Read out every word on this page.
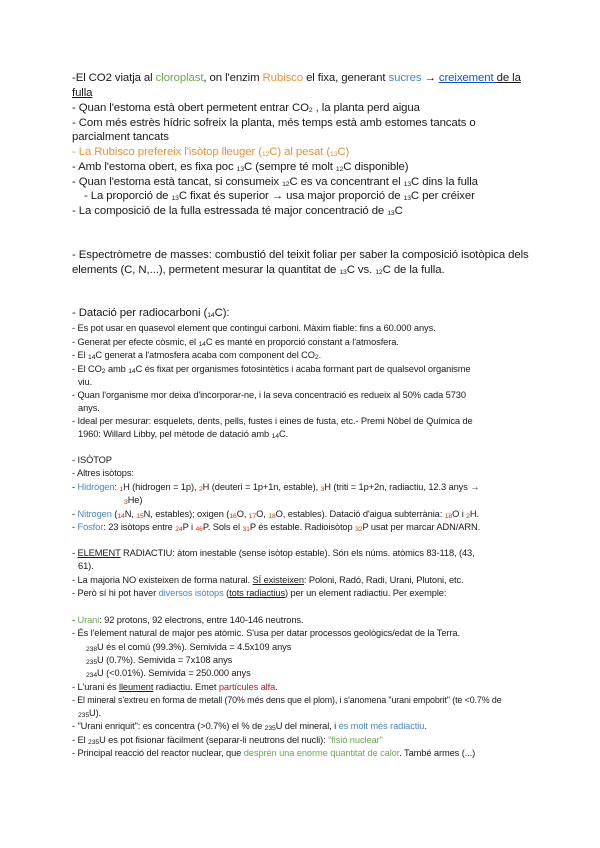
-El CO2 viatja al cloroplast, on l'enzim Rubisco el fixa, generant sucres → creixement de la
fulla
- Quan l'estoma està obert permetent entrar CO2 , la planta perd aigua
- Com més estrès hídric sofreix la planta, més temps està amb estomes tancats o
parcialment tancats
- La Rubisco prefereix l'isòtop lleuger (12C) al pesat (13C)
- Amb l'estoma obert, es fixa poc 13C (sempre té molt 12C disponible)
- Quan l'estoma està tancat, si consumeix 12C es va concentrant el 13C dins la fulla
- La proporció de 13C fixat és superior → usa major proporció de 13C per créixer
- La composició de la fulla estressada té major concentració de 13C
- Espectròmetre de masses: combustió del teixit foliar per saber la composició isotòpica dels
elements (C, N,...), permetent mesurar la quantitat de 13C vs. 12C de la fulla.
- Datació per radiocarboni (14C):
- Es pot usar en quasevol element que contingui carboni. Màxim fiable: fins a 60.000 anys.
- Generat per efecte còsmic, el 14C es manté en proporció constant a l'atmosfera.
- El 14C generat a l'atmosfera acaba com component del CO2.
- El CO2 amb 14C és fixat per organismes fotosintètics i acaba formant part de qualsevol organisme
viu.
- Quan l'organisme mor deixa d'incorporar-ne, i la seva concentració es redueix al 50% cada 5730
anys.
- Ideal per mesurar: esquelets, dents, pells, fustes i eines de fusta, etc.- Premi Nòbel de Química de
1960: Willard Libby, pel mètode de datació amb 14C.
- ISÒTOP
- Altres isòtops:
- Hidrogen: 1H (hidrogen = 1p), 2H (deuteri = 1p+1n, estable), 3H (triti = 1p+2n, radiactiu, 12.3 anys →
3He)
- Nitrogen (14N, 15N, estables); oxigen (16O, 17O, 18O, estables). Datació d'aigua subterrània: 18O i 2H.
- Fosfor: 23 isòtops entre 24P i 46P. Sols el 31P és estable. Radioisòtop 32P usat per marcar ADN/ARN.
- ELEMENT RADIACTIU: àtom inestable (sense isòtop estable). Són els núms. atòmics 83-118, (43,
61).
- La majoria NO existeixen de forma natural. SÍ existeixen: Poloni, Radó, Radi, Urani, Plutoni, etc.
- Però sí hi pot haver diversos isòtops (tots radiactius) per un element radiactiu. Per exemple:
- Urani: 92 protons, 92 electrons, entre 140-146 neutrons.
- És l'element natural de major pes atòmic. S'usa per datar processos geològics/edat de la Terra.
238U és el comú (99.3%). Semivida = 4.5x109 anys
235U (0.7%). Semivida = 7x108 anys
234U (<0.01%). Semivida = 250.000 anys
- L'urani és lleument radiactiu. Emet partícules alfa.
- El mineral s'extreu en forma de metall (70% més dens que el plom), i s'anomena "urani empobrit" (te <0.7% de
235U).
- "Urani enriquit": es concentra (>0.7%) el % de 235U del mineral, i és molt més radiactiu.
- El 235U es pot fisionar fàcilment (separar-li neutrons del nucli): "fisió nuclear"
- Principal reacció del reactor nuclear, que desprèn una enorme quantitat de calor. També armes (...)
